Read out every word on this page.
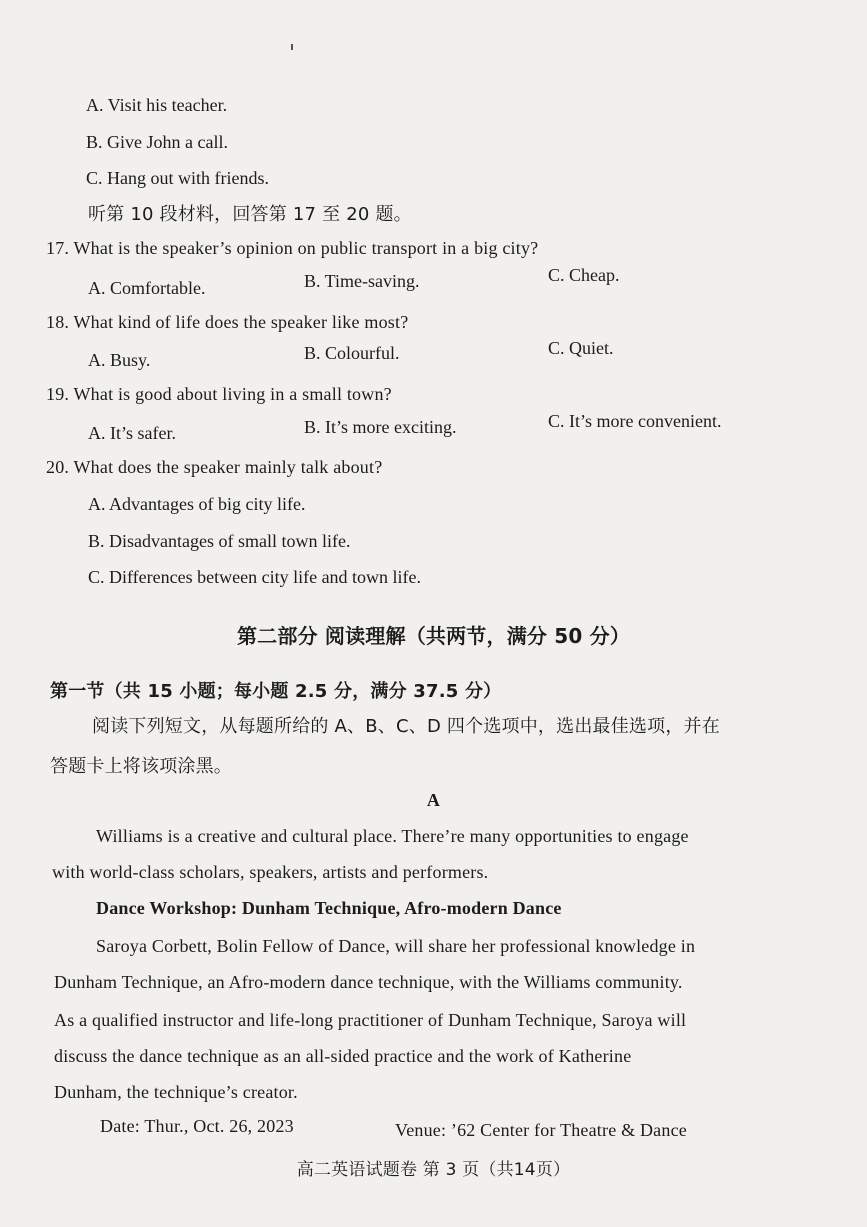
A. Visit his teacher.
B. Give John a call.
C. Hang out with friends.
听第 10 段材料，回答第 17 至 20 题。
17. What is the speaker’s opinion on public transport in a big city?
A. Comfortable.	B. Time-saving.	C. Cheap.
18. What kind of life does the speaker like most?
A. Busy.	B. Colourful.	C. Quiet.
19. What is good about living in a small town?
A. It’s safer.	B. It’s more exciting.	C. It’s more convenient.
20. What does the speaker mainly talk about?
A. Advantages of big city life.
B. Disadvantages of small town life.
C. Differences between city life and town life.
第二部分 阅读理解（共两节，满分 50 分）
第一节（共 15 小题；每小题 2.5 分，满分 37.5 分）
阅读下列短文，从每题所给的 A、B、C、D 四个选项中，选出最佳选项，并在
答题卡上将该项涂黑。
A
Williams is a creative and cultural place. There’re many opportunities to engage
with world-class scholars, speakers, artists and performers.
Dance Workshop: Dunham Technique, Afro-modern Dance
Saroya Corbett, Bolin Fellow of Dance, will share her professional knowledge in
Dunham Technique, an Afro-modern dance technique, with the Williams community.
As a qualified instructor and life-long practitioner of Dunham Technique, Saroya will
discuss the dance technique as an all-sided practice and the work of Katherine
Dunham, the technique’s creator.
Date: Thur., Oct. 26, 2023	Venue: ’62 Center for Theatre & Dance
高二英语试题卷 第 3 页（共14页）
